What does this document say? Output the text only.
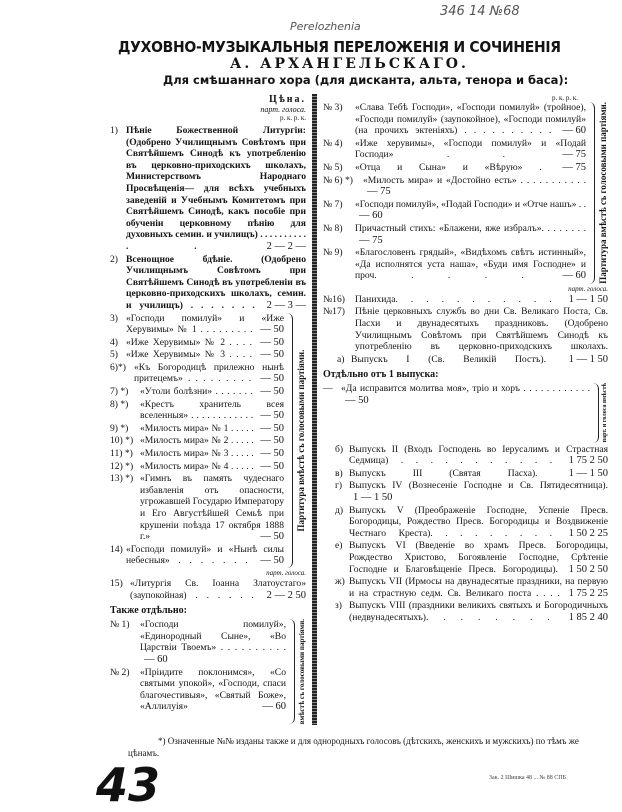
Perelozhenia
346 14 №68
ДУХОВНО-МУЗЫКАЛЬНЫЯ ПЕРЕЛОЖЕНІЯ И СОЧИНЕНІЯ
А. АРХАНГЕЛЬСКАГО.
Для смѣшаннаго хора (для дисканта, альта, тенора и баса):
Цѣна.
парт. голоса.
р. к. р. к.
1) Пѣніе Божественной Литургіи: (Одобрено Училищнымъ Совѣтомъ при Святѣйшемъ Синодѣ къ употребленію въ церковно-приходскихъ школахъ, Министерствомъ Народнаго Просвѣщенія— для всѣхъ учебныхъ заведеній и Учебнымъ Комитетомъ при Святѣйшемъ Синодѣ, какъ пособіе при обученіи церковному пѣнію для духовныхъ семин. и училищъ) . . . . . . . . . . . .	2 — 2 —
2) Всенощное бдѣніе. (Одобрено Училищнымъ Совѣтомъ при Святѣйшемъ Синодѣ въ употребленіи въ церковно-приходскихъ школахъ, семин. и училищъ) . . . . . . . 2 — 3 —
3) «Господи помилуй» и «Иже Херувимы» № 1 . . . . . . . . . — 50
4) «Иже Херувимы» № 2 . . . . — 50
5) «Иже Херувимы» № 3 . . . . — 50
6)*) «Къ Богородицѣ прилежно нынѣ притецемъ» . . . . . . . . . — 50
7) *)	«Утоли болѣзни» . . . . . . . — 50
8) *)	«Крестъ хранитель всея вселенныя» . . . . . . . . . . . . — 50
9) *)	«Милость мира» № 1 . . . . . — 50
10) *) «Милость мира» № 2 . . . . . — 50
11) *) «Милость мира» № 3 . . . . . — 50
12) *) «Милость мира» № 4 . . . . . — 50
13) *) «Гимнъ въ память чудеснаго избавленія отъ опасности, угрожавшей Государю Императору и Его Августѣйшей Семьѣ при крушеніи поѣзда 17 октября 1888 г.»	— 50
14) «Господи помилуй» и «Нынѣ силы небесныя» . . . . . . . — 50
Партитура вмѣстѣ съ голосовыми партіями.
парт. голоса.
15) «Литургія Св. Іоанна Златоустаго» (заупокойная) . . . . . . 2 — 2 50
Также отдѣльно:
№ 1)	«Господи помилуй», «Единородный Сыне», «Во Царствіи Твоемъ» . . . . . . . . . . — 60
№ 2)	«Пріидите поклонимся», «Со святыми упокой», «Господи, спаси благочестивыя», «Святый Боже», «Аллилуія»	— 60 вмѣстѣ съ голосовыми партіями.
р. к. р. к.
№ 3)	«Слава Тебѣ Господи», «Господи помилуй» (тройное), «Господи помилуй» (заупокойное), «Господи помилуй» (на прочихъ эктеніяхъ) . . . . . . . . . . — 60
№ 4)	«Иже херувимы», «Господи помилуй» и «Подай Господи» . .	— 75
№ 5)	«Отца и Сына» и «Вѣрую» . — 75
№ 6) *)	«Милость мира» и «Достойно есть» . . . . . . . . . . . — 75
№ 7)	«Господи помилуй», «Подай Господи» и «Отче нашъ» . . — 60
№ 8)	Причастный стихъ: «Блажени, яже избралъ». . . . . . . . — 75
№ 9)	«Благословенъ грядый», «Видѣхомъ свѣтъ истинный», «Да исполнятся уста наша», «Буди имя Господне» и проч. . . . .	— 60 Партитура вмѣстѣ съ голосовыми партіями.
парт. голоса.
№16)	Панихида. . . . . . . . . . . 1 — 1 50
№17)	Пѣніе церковныхъ службъ во дни Св. Великаго Поста, Св. Пасхи и двунадесятыхъ праздниковъ. (Одобрено Училищнымъ Совѣтомъ при Святѣйшемъ Синодѣ къ употребленію въ церковно-приходскихъ школахъ.
а) Выпускъ I (Св. Великій Постъ). 1 — 1 50
Отдѣльно отъ 1 выпуска:
— «Да исправится молитва моя», тріо и хоръ . . . . . . . . . . . . — 50	парт. и голоса вмѣстѣ
б) Выпускъ II (Входъ Господень во Іерусалимъ и Страстная Седмица) . . . . . . . . . . . 1 75 2 50
в) Выпускъ III (Святая Пасха).	1 — 1 50
г) Выпускъ IV (Вознесеніе Господне и Св. Пятидесятница). 1 — 1 50
д) Выпускъ V (Преображеніе Господне, Успеніе Пресв. Богородицы, Рождество Пресв. Богородицы и Воздвиженіе Честнаго Креста). . . . . . . . . 1 50 2 25
е) Выпускъ VI (Введеніе во храмъ Пресв. Богородицы, Рождество Христово, Богоявленіе Господне, Срѣтеніе Господне и Благовѣщеніе Пресв. Богородицы). 1 50 2 50
ж) Выпускъ VII (Ирмосы на двунадесятые праздники, на первую и на страстную седм. Св. Великаго поста . . . . 1 75 2 25
з) Выпускъ VIII (праздники великихъ святыхъ и Богородичныхъ (недвунадесятыхъ). . . . . . . . 1 85 2 40
*) Означенные №№ изданы также и для однородныхъ голосовъ (дѣтскихъ, женскихъ и мужскихъ) по тѣмъ же цѣнамъ.
43	Зак. 2 Шишка 48 ... № 88 СПБ
